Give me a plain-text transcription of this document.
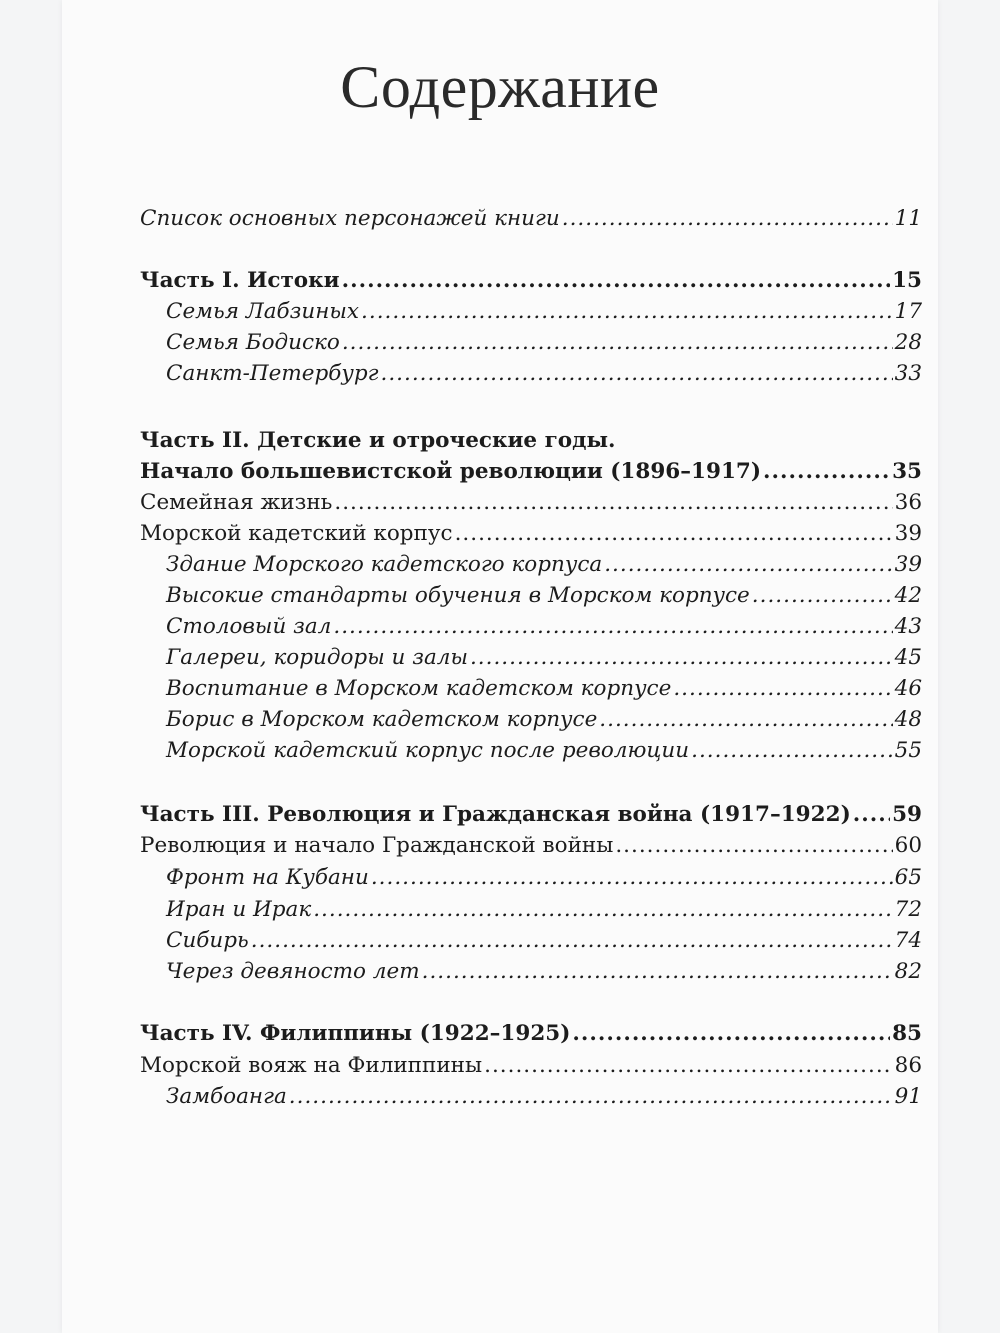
Содержание
Список основных персонажей книги .....	11
Часть I. Истоки .....	15
Семья Лабзиных .....	17
Семья Бодиско .....	28
Санкт-Петербург .....	33
Часть II. Детские и отроческие годы.
Начало большевистской революции (1896–1917) .....	35
Семейная жизнь .....	36
Морской кадетский корпус .....	39
Здание Морского кадетского корпуса .....	39
Высокие стандарты обучения в Морском корпусе .....	42
Столовый зал .....	43
Галереи, коридоры и залы .....	45
Воспитание в Морском кадетском корпусе .....	46
Борис в Морском кадетском корпусе .....	48
Морской кадетский корпус после революции .....	55
Часть III. Революция и Гражданская война (1917–1922) ..... 59
Революция и начало Гражданской войны .....	60
Фронт на Кубани .....	65
Иран и Ирак .....	72
Сибирь .....	74
Через девяносто лет .....	82
Часть IV. Филиппины (1922–1925) .....	85
Морской вояж на Филиппины .....	86
Замбоанга .....	91
